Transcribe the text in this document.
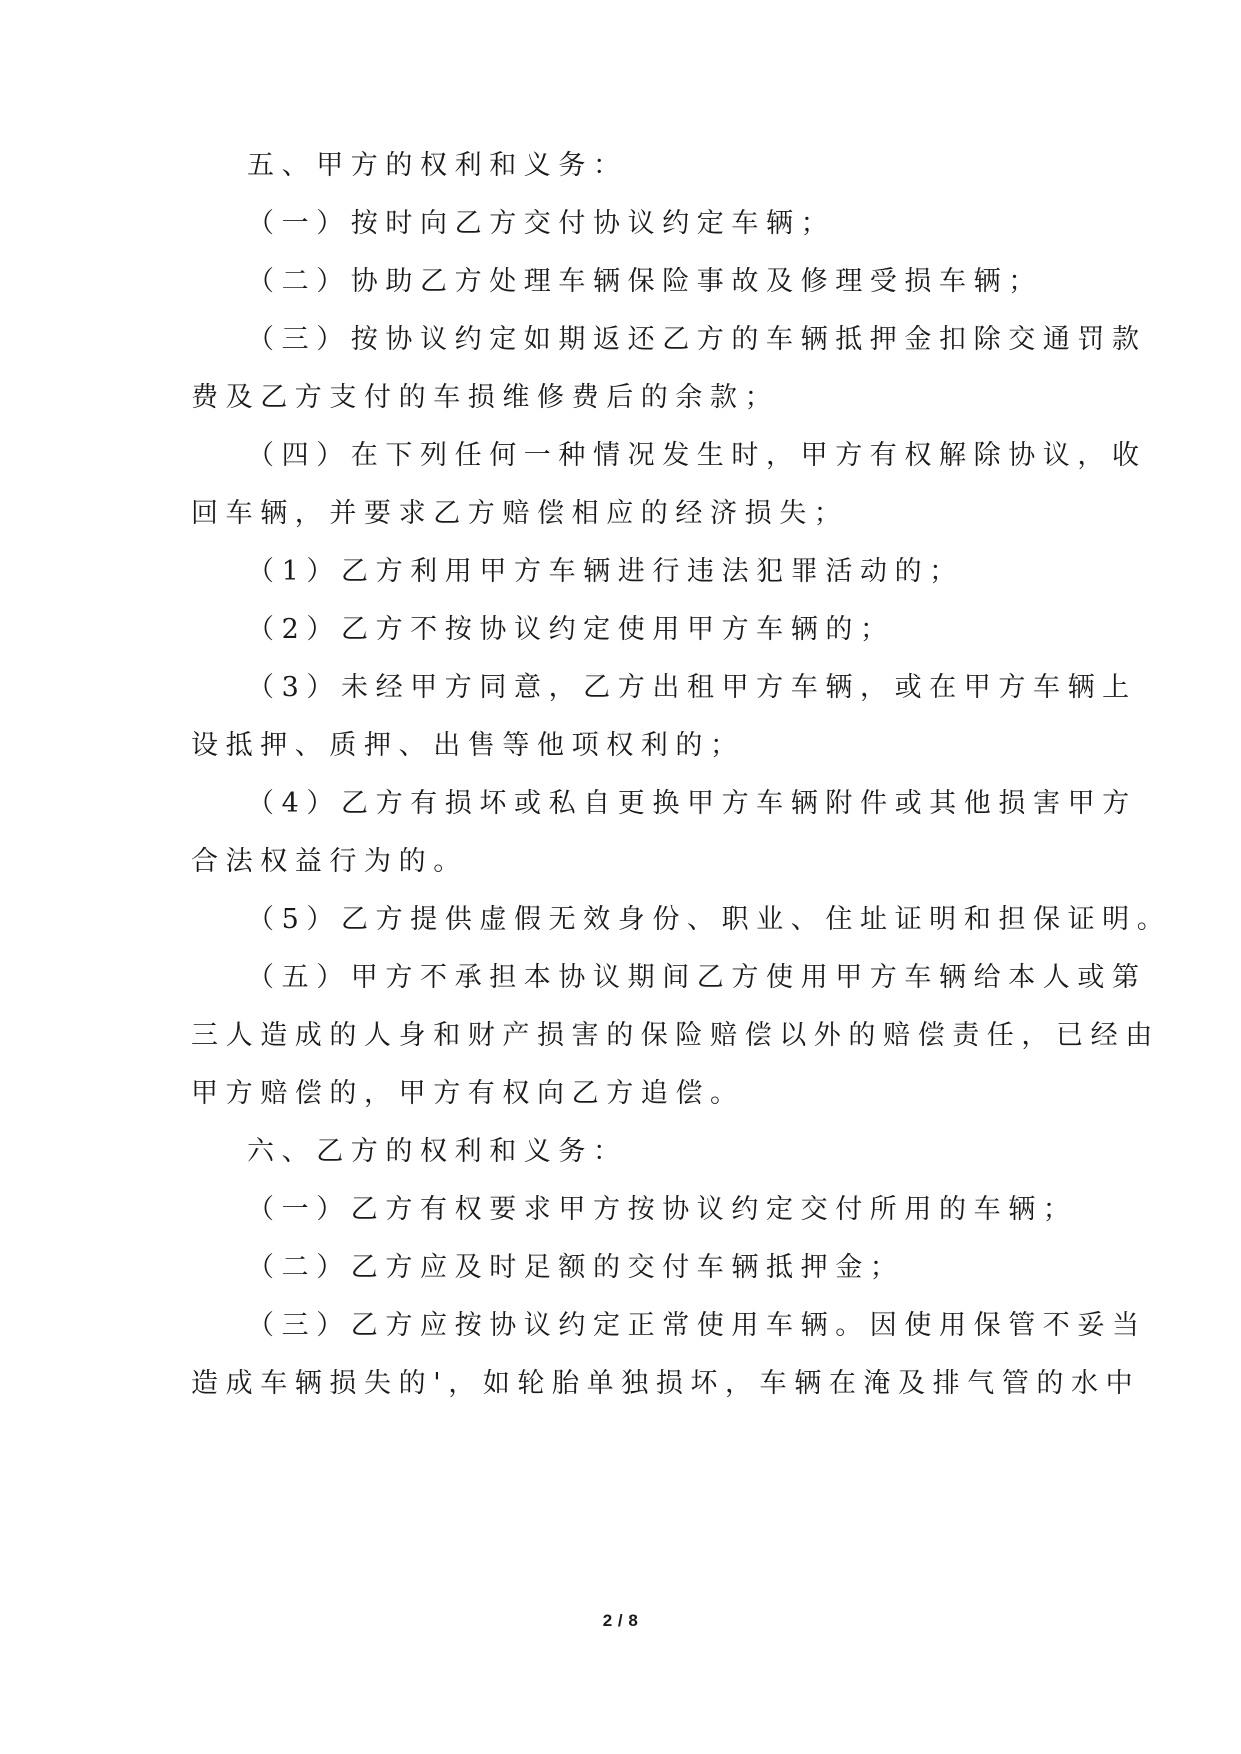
五、甲方的权利和义务：

（一）按时向乙方交付协议约定车辆；

（二）协助乙方处理车辆保险事故及修理受损车辆；

（三）按协议约定如期返还乙方的车辆抵押金扣除交通罚款

费及乙方支付的车损维修费后的余款；

（四）在下列任何一种情况发生时，甲方有权解除协议，收

回车辆，并要求乙方赔偿相应的经济损失；

（1）乙方利用甲方车辆进行违法犯罪活动的；

（2）乙方不按协议约定使用甲方车辆的；

（3）未经甲方同意，乙方出租甲方车辆，或在甲方车辆上

设抵押、质押、出售等他项权利的；

（4）乙方有损坏或私自更换甲方车辆附件或其他损害甲方

合法权益行为的。

（5）乙方提供虚假无效身份、职业、住址证明和担保证明。

（五）甲方不承担本协议期间乙方使用甲方车辆给本人或第

三人造成的人身和财产损害的保险赔偿以外的赔偿责任，已经由

甲方赔偿的，甲方有权向乙方追偿。

六、乙方的权利和义务：

（一）乙方有权要求甲方按协议约定交付所用的车辆；

（二）乙方应及时足额的交付车辆抵押金；

（三）乙方应按协议约定正常使用车辆。因使用保管不妥当

造成车辆损失的'，如轮胎单独损坏，车辆在淹及排气管的水中

2 / 8
